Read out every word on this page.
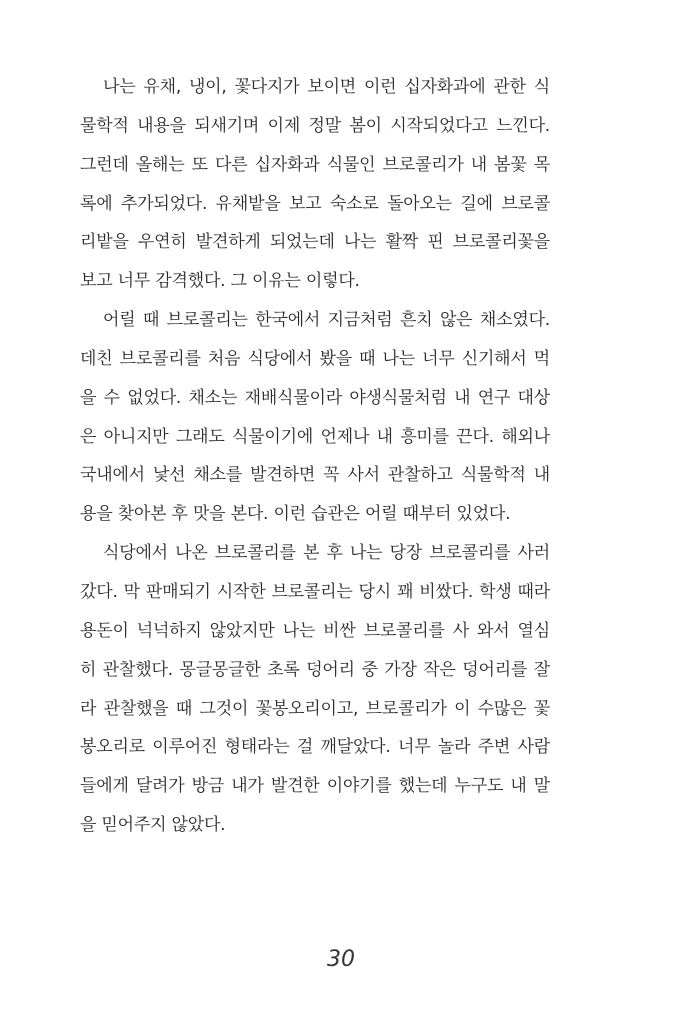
나는 유채, 냉이, 꽃다지가 보이면 이런 십자화과에 관한 식
물학적 내용을 되새기며 이제 정말 봄이 시작되었다고 느낀다.
그런데 올해는 또 다른 십자화과 식물인 브로콜리가 내 봄꽃 목
록에 추가되었다. 유채밭을 보고 숙소로 돌아오는 길에 브로콜
리밭을 우연히 발견하게 되었는데 나는 활짝 핀 브로콜리꽃을
보고 너무 감격했다. 그 이유는 이렇다.
어릴 때 브로콜리는 한국에서 지금처럼 흔치 않은 채소였다.
데친 브로콜리를 처음 식당에서 봤을 때 나는 너무 신기해서 먹
을 수 없었다. 채소는 재배식물이라 야생식물처럼 내 연구 대상
은 아니지만 그래도 식물이기에 언제나 내 흥미를 끈다. 해외나
국내에서 낯선 채소를 발견하면 꼭 사서 관찰하고 식물학적 내
용을 찾아본 후 맛을 본다. 이런 습관은 어릴 때부터 있었다.
식당에서 나온 브로콜리를 본 후 나는 당장 브로콜리를 사러
갔다. 막 판매되기 시작한 브로콜리는 당시 꽤 비쌌다. 학생 때라
용돈이 넉넉하지 않았지만 나는 비싼 브로콜리를 사 와서 열심
히 관찰했다. 몽글몽글한 초록 덩어리 중 가장 작은 덩어리를 잘
라 관찰했을 때 그것이 꽃봉오리이고, 브로콜리가 이 수많은 꽃
봉오리로 이루어진 형태라는 걸 깨달았다. 너무 놀라 주변 사람
들에게 달려가 방금 내가 발견한 이야기를 했는데 누구도 내 말
을 믿어주지 않았다.
30
